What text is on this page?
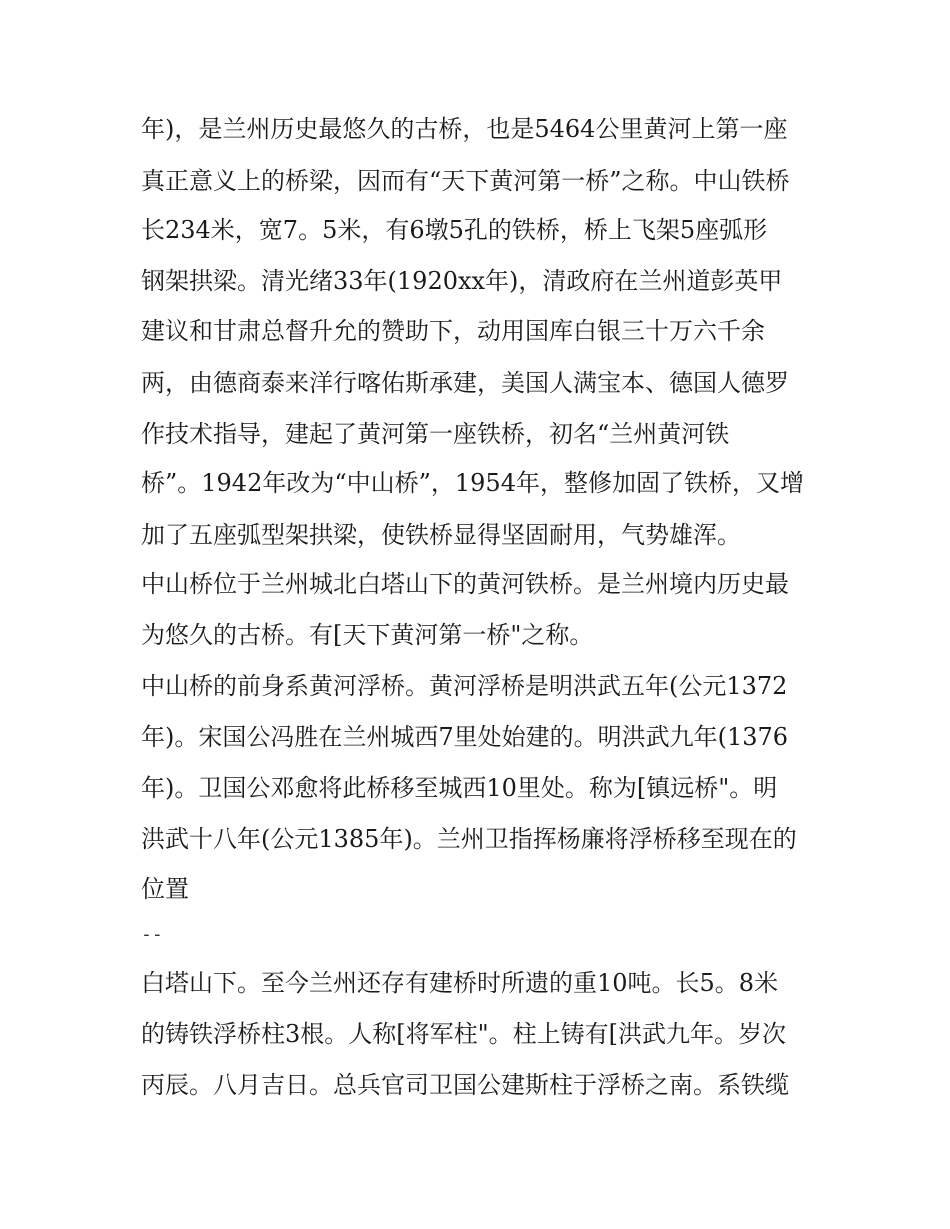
年)，是兰州历史最悠久的古桥，也是5464公里黄河上第一座
真正意义上的桥梁，因而有“天下黄河第一桥”之称。中山铁桥
长234米，宽7。5米，有6墩5孔的铁桥，桥上飞架5座弧形
钢架拱梁。清光绪33年(1920xx年)，清政府在兰州道彭英甲
建议和甘肃总督升允的赞助下，动用国库白银三十万六千余
两，由德商泰来洋行喀佑斯承建，美国人满宝本、德国人德罗
作技术指导，建起了黄河第一座铁桥，初名“兰州黄河铁
桥”。1942年改为“中山桥”，1954年，整修加固了铁桥，又增
加了五座弧型架拱梁，使铁桥显得坚固耐用，气势雄浑。
中山桥位于兰州城北白塔山下的黄河铁桥。是兰州境内历史最
为悠久的古桥。有[天下黄河第一桥"之称。
中山桥的前身系黄河浮桥。黄河浮桥是明洪武五年(公元1372
年)。宋国公冯胜在兰州城西7里处始建的。明洪武九年(1376
年)。卫国公邓愈将此桥移至城西10里处。称为[镇远桥"。明
洪武十八年(公元1385年)。兰州卫指挥杨廉将浮桥移至现在的
位置
--
白塔山下。至今兰州还存有建桥时所遗的重10吨。长5。8米
的铸铁浮桥柱3根。人称[将军柱"。柱上铸有[洪武九年。岁次
丙辰。八月吉日。总兵官司卫国公建斯柱于浮桥之南。系铁缆
